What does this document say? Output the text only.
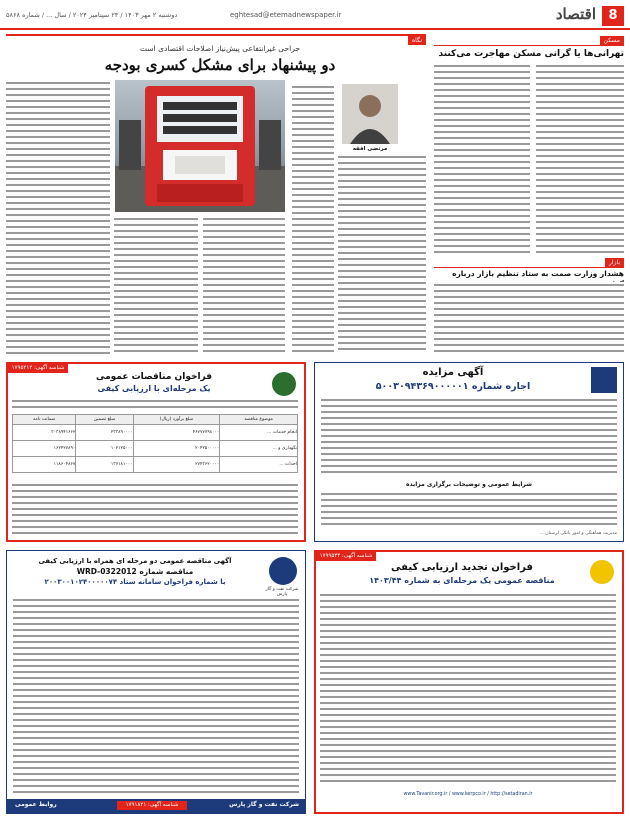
8
اقتصاد
eghtesad@etemadnewspaper.ir
دوشنبه ۲ مهر ۱۴۰۳ / ۲۴ سپتامبر ۲۰۲۴ / سال ... / شماره ۵۸۶۸
مسکن
تهرانی‌ها یا گرانی مسکن مهاجرت می‌کنند
نگاه
جراحی غیرانتفاعی پیش‌نیاز اصلاحات اقتصادی است
دو پیشنهاد برای مشکل کسری بودجه
مرتضی افقه
بازار
هشدار وزارت صمت به ستاد تنظیم بازار درباره
آگهی مزایده
اجاره شماره ۵۰۰۳۰۹۴۳۶۹۰۰۰۰۰۱
شرایط عمومی و توضیحات برگزاری مزایده
مدیریت هماهنگی و امور بانکی لرستان ...
شناسه آگهی: ۱۷۹۵۲۱۲
فراخوان مناقصات عمومی
یک مرحله‌ای با ارزیابی کیفی
موضوع مناقصه	مبلغ برآورد (ریال)	مبلغ تضمین	ضمانت نامه
انجام خدمات ...	۴۶۷۷۷۷۹۸۰۰۰	۲۳۳۸۹۰۰۰۰	۳۰۳۸۹۴۱۶۶۲
نگهداری و ...	۲۰۴۲۵۰۰۰۰۰	۱۰۲۱۲۵۰۰۰	۱۶۲۴۲۷۸۹۰
احداث ...	۲۷۴۳۶۲۰۰۰۰	۱۳۷۱۸۱۰۰۰	۱۱۸۶۰۴۸۶۷
شناسه آگهی: ۱۷۹۹۵۳۴
فراخوان تجدید ارزیابی کیفی
مناقصه عمومی یک مرحله‌ای به شماره ۱۴۰۳/۴۴
www.Tavanir.org.ir / www.kerpco.ir / http://setadiran.ir
شرکت نفت و گاز پارس
آگهی مناقصه عمومی دو مرحله ای همراه با ارزیابی کیفی
مناقصه شماره WRD-0322012
با شماره فراخوان سامانه ستاد ۲۰۰۳۰۰۱۰۲۴۰۰۰۰۰۷۴
شرکت نفت و گاز پارس
شناسه آگهی: ۱۷۹۱۸۲۱
روابط عمومی
